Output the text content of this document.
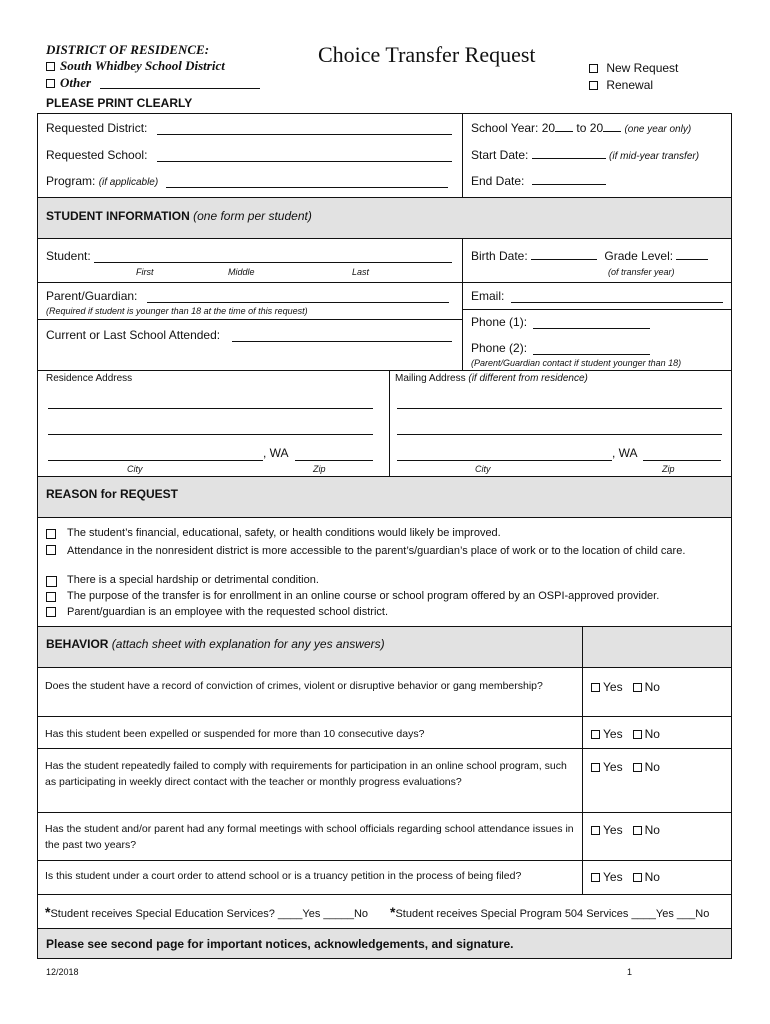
DISTRICT OF RESIDENCE:
South Whidbey School District
Other
PLEASE PRINT CLEARLY
Choice Transfer Request
New Request
Renewal
Requested District:
Requested School:
Program: (if applicable)
School Year: 20 to 20 (one year only)
Start Date:	(if mid-year transfer)
End Date:
STUDENT INFORMATION (one form per student)
Student:
First	Middle	Last
Birth Date:	Grade Level:
(of transfer year)
Parent/Guardian:
(Required if student is younger than 18 at the time of this request)
Current or Last School Attended:
Email:
Phone (1):
Phone (2):
(Parent/Guardian contact if student younger than 18)
Residence Address	Mailing Address (if different from residence)
, WA
City	Zip
, WA
City	Zip
REASON for REQUEST
The student’s financial, educational, safety, or health conditions would likely be improved.
Attendance in the nonresident district is more accessible to the parent’s/guardian’s place of work or to the location of child care.
There is a special hardship or detrimental condition.
The purpose of the transfer is for enrollment in an online course or school program offered by an OSPI-approved provider.
Parent/guardian is an employee with the requested school district.
BEHAVIOR (attach sheet with explanation for any yes answers)
Does the student have a record of conviction of crimes, violent or disruptive behavior or gang membership?	Yes No
Has this student been expelled or suspended for more than 10 consecutive days?	Yes No
Has the student repeatedly failed to comply with requirements for participation in an online school program, such as participating in weekly direct contact with the teacher or monthly progress evaluations?
Yes No
Has the student and/or parent had any formal meetings with school officials regarding school attendance issues in the past two years?
Yes No
Is this student under a court order to attend school or is a truancy petition in the process of being filed?	Yes No
*Student receives Special Education Services? ____Yes _____No *Student receives Special Program 504 Services ____Yes ___No
Please see second page for important notices, acknowledgements, and signature.
12/2018	1
